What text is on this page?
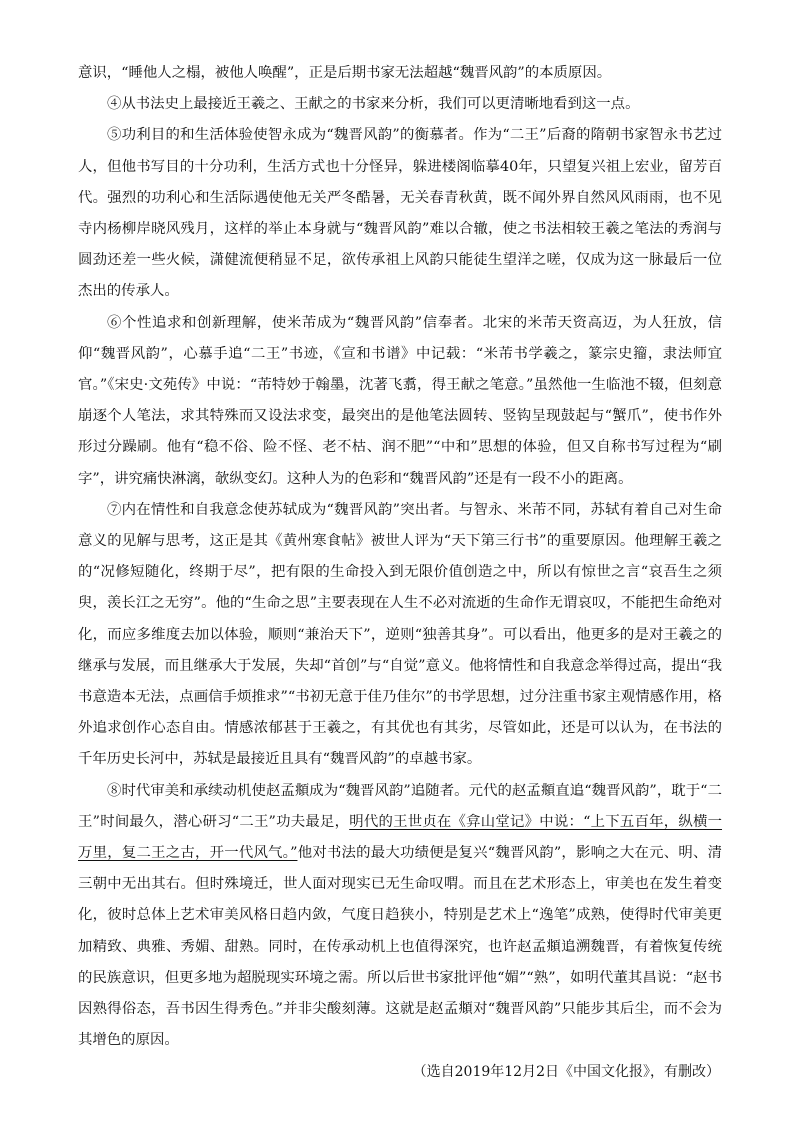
意识，“睡他人之榻，被他人唤醒”，正是后期书家无法超越“魏晋风韵”的本质原因。

④从书法史上最接近王羲之、王献之的书家来分析，我们可以更清晰地看到这一点。

⑤功利目的和生活体验使智永成为“魏晋风韵”的衡慕者。作为“二王”后裔的隋朝书家智永书艺过人，但他书写目的十分功利，生活方式也十分怪异，躲进楼阁临摹40年，只望复兴祖上宏业，留芳百代。强烈的功利心和生活际遇使他无关严冬酷暑，无关春青秋黄，既不闻外界自然风风雨雨，也不见寺内杨柳岸晓风残月，这样的举止本身就与“魏晋风韵”难以合辙，使之书法相较王羲之笔法的秀润与圆劲还差一些火候，潇健流便稍显不足，欲传承祖上风韵只能徒生望洋之嗟，仅成为这一脉最后一位杰出的传承人。

⑥个性追求和创新理解，使米芾成为“魏晋风韵”信奉者。北宋的米芾天资高迈，为人狂放，信仰“魏晋风韵”，心慕手追“二王”书迹，《宣和书谱》中记载：“米芾书学羲之，篆宗史籀，隶法师宜官。”《宋史·文苑传》中说：“芾特妙于翰墨，沈著飞翥，得王献之笔意。”虽然他一生临池不辍，但刻意崩逐个人笔法，求其特殊而又设法求变，最突出的是他笔法圆转、竖钩呈现鼓起与“蟹爪”，使书作外形过分躁刷。他有“稳不俗、险不怪、老不枯、润不肥”“中和”思想的体验，但又自称书写过程为“刷字”，讲究痛快淋漓，欹纵变幻。这种人为的色彩和“魏晋风韵”还是有一段不小的距离。

⑦内在情性和自我意念使苏轼成为“魏晋风韵”突出者。与智永、米芾不同，苏轼有着自己对生命意义的见解与思考，这正是其《黄州寒食帖》被世人评为“天下第三行书”的重要原因。他理解王羲之的“况修短随化，终期于尽”，把有限的生命投入到无限价值创造之中，所以有惊世之言“哀吾生之须臾，羡长江之无穷”。他的“生命之思”主要表现在人生不必对流逝的生命作无谓哀叹，不能把生命绝对化，而应多维度去加以体验，顺则“兼治天下”，逆则“独善其身”。可以看出，他更多的是对王羲之的继承与发展，而且继承大于发展，失却“首创”与“自觉”意义。他将情性和自我意念举得过高，提出“我书意造本无法，点画信手烦推求”“书初无意于佳乃佳尔”的书学思想，过分注重书家主观情感作用，格外追求创作心态自由。情感浓郁甚于王羲之，有其优也有其劣，尽管如此，还是可以认为，在书法的千年历史长河中，苏轼是最接近且具有“魏晋风韵”的卓越书家。

⑧时代审美和承续动机使赵孟頫成为“魏晋风韵”追随者。元代的赵孟頫直追“魏晋风韵”，耽于“二王”时间最久，潜心研习“二王”功夫最足，明代的王世贞在《弇山堂记》中说：“上下五百年，纵横一万里，复二王之古，开一代风气。”他对书法的最大功绩便是复兴“魏晋风韵”，影响之大在元、明、清三朝中无出其右。但时殊境迁，世人面对现实已无生命叹喟。而且在艺术形态上，审美也在发生着变化，彼时总体上艺术审美风格日趋内敛，气度日趋狭小，特别是艺术上“逸笔”成熟，使得时代审美更加精致、典雅、秀媚、甜熟。同时，在传承动机上也值得深究，也许赵孟頫追溯魏晋，有着恢复传统的民族意识，但更多地为超脱现实环境之需。所以后世书家批评他“媚”“熟”，如明代董其昌说：“赵书因熟得俗态，吾书因生得秀色。”并非尖酸刻薄。这就是赵孟頫对“魏晋风韵”只能步其后尘，而不会为其增色的原因。

（选自2019年12月2日《中国文化报》，有删改）
